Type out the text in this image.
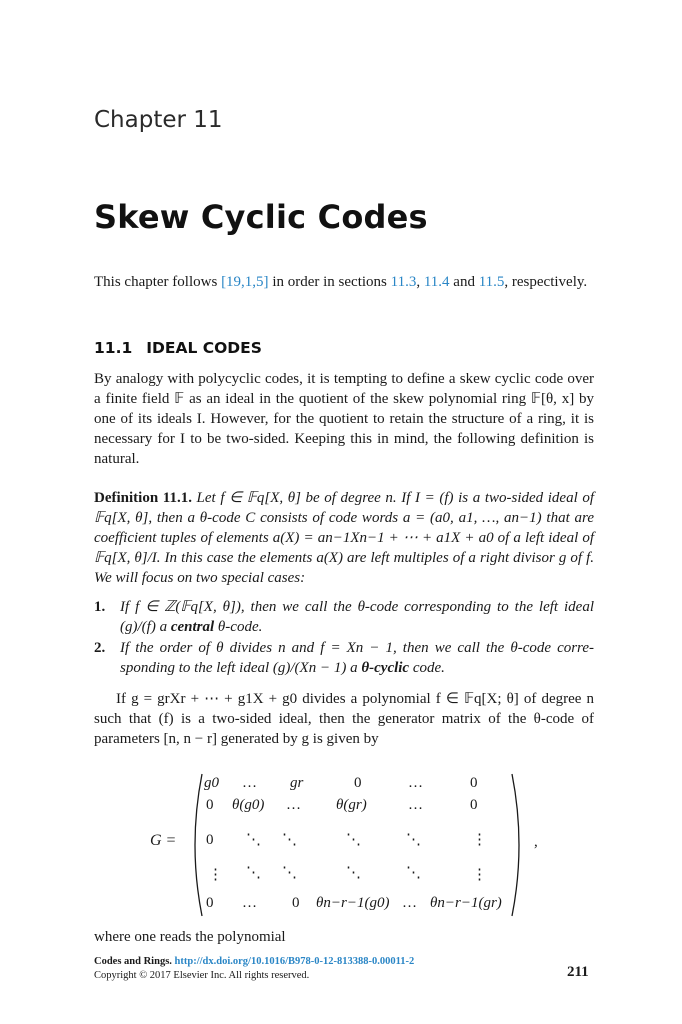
Chapter 11
Skew Cyclic Codes
This chapter follows [19,1,5] in order in sections 11.3, 11.4 and 11.5, respectively.
11.1 IDEAL CODES
By analogy with polycyclic codes, it is tempting to define a skew cyclic code over a finite field 𝔽 as an ideal in the quotient of the skew polynomial ring 𝔽[θ, x] by one of its ideals I. However, for the quotient to retain the structure of a ring, it is necessary for I to be two-sided. Keeping this in mind, the following definition is natural.
Definition 11.1. Let f ∈ 𝔽q[X, θ] be of degree n. If I = (f) is a two-sided ideal of 𝔽q[X, θ], then a θ-code C consists of code words a = (a0, a1, …, an−1) that are coefficient tuples of elements a(X) = an−1Xn−1 + ⋯ + a1X + a0 of a left ideal of 𝔽q[X, θ]/I. In this case the elements a(X) are left multiples of a right divisor g of f. We will focus on two special cases:
1. If f ∈ ℤ(𝔽q[X, θ]), then we call the θ-code corresponding to the left ideal (g)/(f) a central θ-code.
2. If the order of θ divides n and f = Xn − 1, then we call the θ-code corresponding to the left ideal (g)/(Xn − 1) a θ-cyclic code.
If g = grXr + ⋯ + g1X + g0 divides a polynomial f ∈ 𝔽q[X; θ] of degree n such that (f) is a two-sided ideal, then the generator matrix of the θ-code of parameters [n, n − r] generated by g is given by
G =
g0 … gr	0	…	0
0 θ(g0) … θ(gr)	…	0
0 ⋱ ⋱	⋱	⋱	⋮
⋮ ⋱ ⋱	⋱	⋱	⋮
0 … 0 θn−r−1(g0) … θn−r−1(gr)
,
where one reads the polynomial
Codes and Rings. http://dx.doi.org/10.1016/B978-0-12-813388-0.00011-2
Copyright © 2017 Elsevier Inc. All rights reserved.	211
